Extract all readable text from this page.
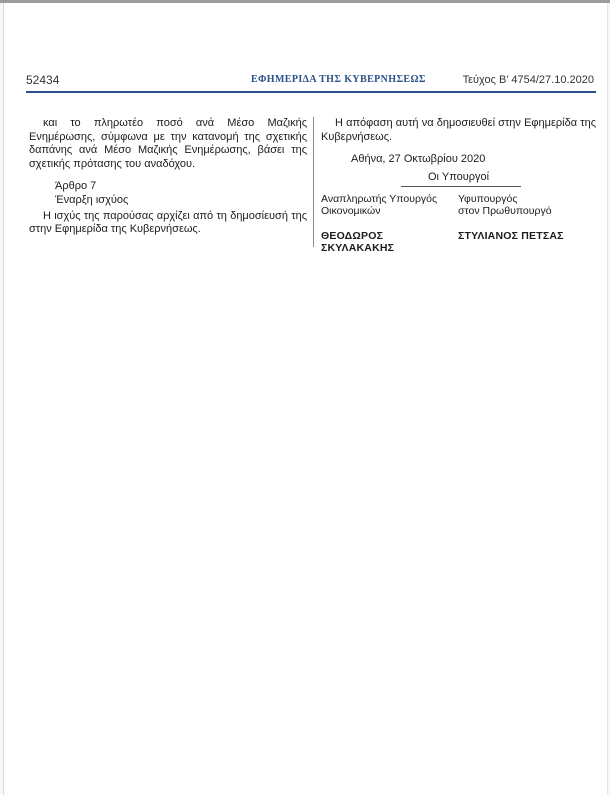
52434	ΕΦΗΜΕΡΙΔΑ ΤΗΣ ΚΥΒΕΡΝΗΣΕΩΣ	Τεύχος Β’ 4754/27.10.2020

και το πληρωτέο ποσό ανά Μέσο Μαζικής Ενημέρωσης, σύμφωνα με την κατανομή της σχετικής δαπάνης ανά Μέσο Μαζικής Ενημέρωσης, βάσει της σχετικής πρότασης του αναδόχου.

Άρθρο 7

Έναρξη ισχύος

Η ισχύς της παρούσας αρχίζει από τη δημοσίευσή της στην Εφημερίδα της Κυβερνήσεως.

Η απόφαση αυτή να δημοσιευθεί στην Εφημερίδα της Κυβερνήσεως.

Αθήνα, 27 Οκτωβρίου 2020

Οι Υπουργοί
Αναπληρωτής Υπουργός
Οικονομικών
ΘΕΟΔΩΡΟΣ ΣΚΥΛΑΚΑΚΗΣ
Υφυπουργός
στον Πρωθυπουργό
ΣΤΥΛΙΑΝΟΣ ΠΕΤΣΑΣ
